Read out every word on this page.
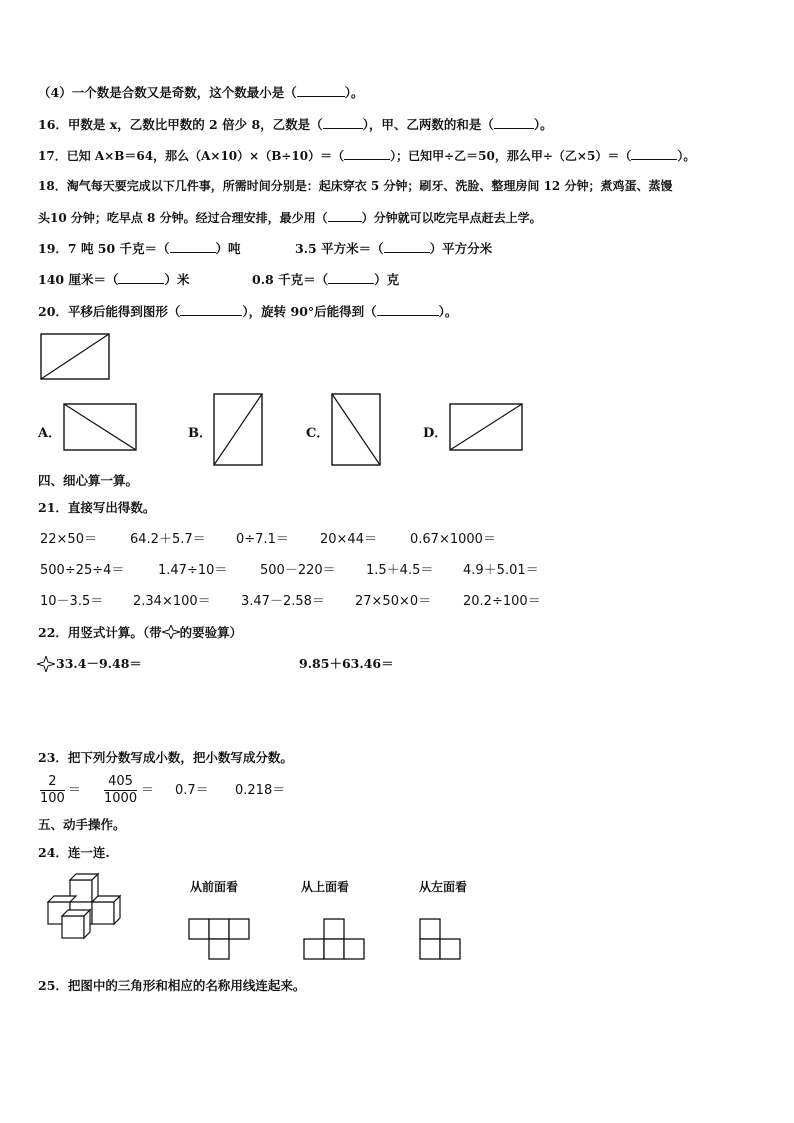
（4）一个数是合数又是奇数，这个数最小是（	）。
16．甲数是 x，乙数比甲数的 2 倍少 8，乙数是（	），甲、乙两数的和是（	）。
17．已知 A×B＝64，那么（A×10）×（B÷10）＝（	）；已知甲÷乙＝50，那么甲÷（乙×5）＝（	）。
18．淘气每天要完成以下几件事，所需时间分别是：起床穿衣 5 分钟；刷牙、洗脸、整理房间 12 分钟；煮鸡蛋、蒸馒
头10 分钟；吃早点 8 分钟。经过合理安排，最少用（	）分钟就可以吃完早点赶去上学。
19．7 吨 50 千克＝（	）吨	3.5 平方米＝（	）平方分米
140 厘米＝（	）米	0.8 千克＝（	）克
20．平移后能得到图形（	），旋转 90°后能得到（	）。
A．	B．	C．	D．
四、细心算一算。
21．直接写出得数。
22×50＝	64.2＋5.7＝ 0÷7.1＝ 20×44＝	0.67×1000＝
500÷25÷4＝	1.47÷10＝	500－220＝ 1.5＋4.5＝ 4.9＋5.01＝
10－3.5＝ 2.34×100＝ 3.47－2.58＝ 27×50×0＝ 20.2÷100＝
22．用竖式计算。（带 的要验算）
33.4－9.48＝	9.85＋63.46＝
23．把下列分数写成小数，把小数写成分数。
$\frac{2}{100} = \frac{405}{1000} = 0.7= 0.218=$
五、动手操作。
24．连一连.
从前面看	从上面看	从左面看
25．把图中的三角形和相应的名称用线连起来。
